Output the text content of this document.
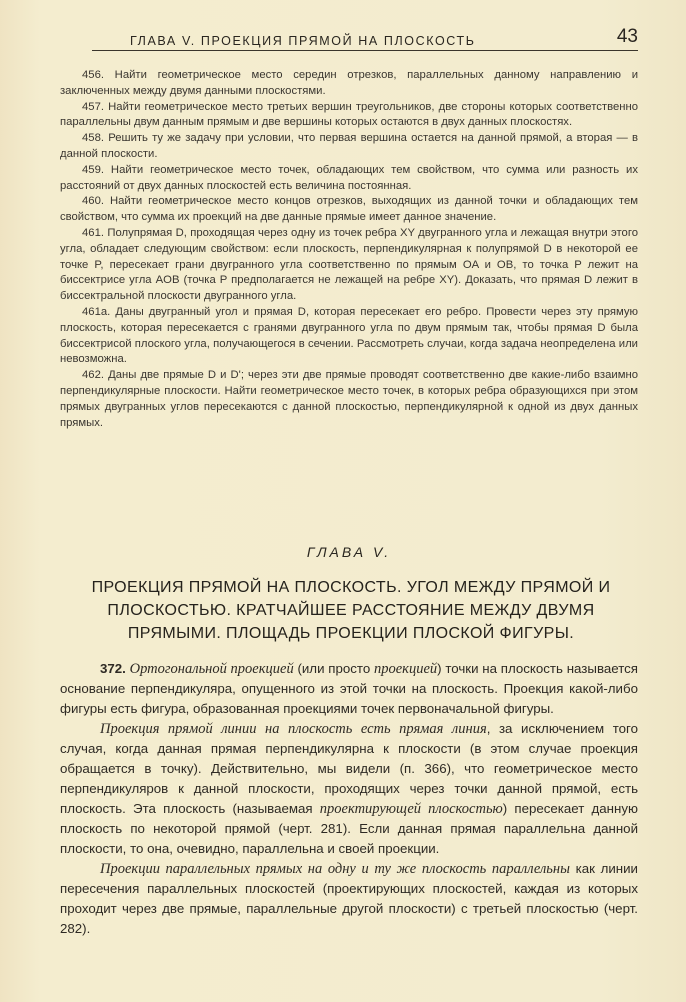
ГЛАВА V. ПРОЕКЦИЯ ПРЯМОЙ НА ПЛОСКОСТЬ	43

456. Найти геометрическое место середин отрезков, параллельных данному направлению и заключенных между двумя данными плоскостями.

457. Найти геометрическое место третьих вершин треугольников, две стороны которых соответственно параллельны двум данным прямым и две вершины которых остаются в двух данных плоскостях.

458. Решить ту же задачу при условии, что первая вершина остается на данной прямой, а вторая — в данной плоскости.

459. Найти геометрическое место точек, обладающих тем свойством, что сумма или разность их расстояний от двух данных плоскостей есть величина постоянная.

460. Найти геометрическое место концов отрезков, выходящих из данной точки и обладающих тем свойством, что сумма их проекций на две данные прямые имеет данное значение.

461. Полупрямая D, проходящая через одну из точек ребра XY двугранного угла и лежащая внутри этого угла, обладает следующим свойством: если плоскость, перпендикулярная к полупрямой D в некоторой ее точке P, пересекает грани двугранного угла соответственно по прямым OA и OB, то точка P лежит на биссектрисе угла AOB (точка P предполагается не лежащей на ребре XY). Доказать, что прямая D лежит в биссектральной плоскости двугранного угла.

461a. Даны двугранный угол и прямая D, которая пересекает его ребро. Провести через эту прямую плоскость, которая пересекается с гранями двугранного угла по двум прямым так, чтобы прямая D была биссектрисой плоского угла, получающегося в сечении. Рассмотреть случаи, когда задача неопределена или невозможна.

462. Даны две прямые D и D'; через эти две прямые проводят соответственно две какие-либо взаимно перпендикулярные плоскости. Найти геометрическое место точек, в которых ребра образующихся при этом прямых двугранных углов пересекаются с данной плоскостью, перпендикулярной к одной из двух данных прямых.

ГЛАВА V.
ПРОЕКЦИЯ ПРЯМОЙ НА ПЛОСКОСТЬ. УГОЛ МЕЖДУ ПРЯМОЙ И ПЛОСКОСТЬЮ. КРАТЧАЙШЕЕ РАССТОЯНИЕ МЕЖДУ ДВУМЯ ПРЯМЫМИ. ПЛОЩАДЬ ПРОЕКЦИИ ПЛОСКОЙ ФИГУРЫ.

372. Ортогональной проекцией (или просто проекцией) точки на плоскость называется основание перпендикуляра, опущенного из этой точки на плоскость. Проекция какой-либо фигуры есть фигура, образованная проекциями точек первоначальной фигуры.

Проекция прямой линии на плоскость есть прямая линия, за исключением того случая, когда данная прямая перпендикулярна к плоскости (в этом случае проекция обращается в точку). Действительно, мы видели (п. 366), что геометрическое место перпендикуляров к данной плоскости, проходящих через точки данной прямой, есть плоскость. Эта плоскость (называемая проектирующей плоскостью) пересекает данную плоскость по некоторой прямой (черт. 281). Если данная прямая параллельна данной плоскости, то она, очевидно, параллельна и своей проекции.

Проекции параллельных прямых на одну и ту же плоскость параллельны как линии пересечения параллельных плоскостей (проектирующих плоскостей, каждая из которых проходит через две прямые, параллельные другой плоскости) с третьей плоскостью (черт. 282).
